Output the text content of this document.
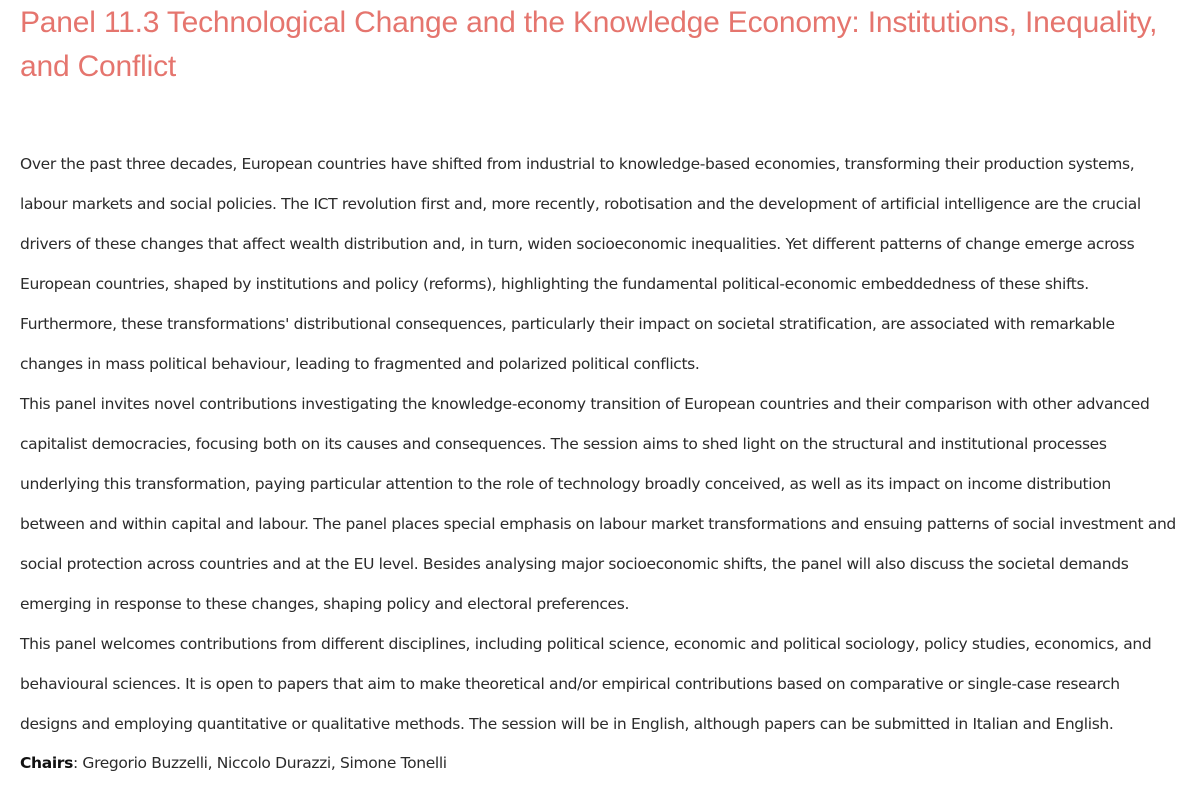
Panel 11.3 Technological Change and the Knowledge Economy: Institutions, Inequality, and Conflict

Over the past three decades, European countries have shifted from industrial to knowledge-based economies, transforming their production systems, labour markets and social policies. The ICT revolution first and, more recently, robotisation and the development of artificial intelligence are the crucial drivers of these changes that affect wealth distribution and, in turn, widen socioeconomic inequalities. Yet different patterns of change emerge across European countries, shaped by institutions and policy (reforms), highlighting the fundamental political-economic embeddedness of these shifts. Furthermore, these transformations' distributional consequences, particularly their impact on societal stratification, are associated with remarkable changes in mass political behaviour, leading to fragmented and polarized political conflicts.

This panel invites novel contributions investigating the knowledge-economy transition of European countries and their comparison with other advanced capitalist democracies, focusing both on its causes and consequences. The session aims to shed light on the structural and institutional processes underlying this transformation, paying particular attention to the role of technology broadly conceived, as well as its impact on income distribution between and within capital and labour. The panel places special emphasis on labour market transformations and ensuing patterns of social investment and social protection across countries and at the EU level. Besides analysing major socioeconomic shifts, the panel will also discuss the societal demands emerging in response to these changes, shaping policy and electoral preferences.

This panel welcomes contributions from different disciplines, including political science, economic and political sociology, policy studies, economics, and behavioural sciences. It is open to papers that aim to make theoretical and/or empirical contributions based on comparative or single-case research designs and employing quantitative or qualitative methods. The session will be in English, although papers can be submitted in Italian and English.

Chairs: Gregorio Buzzelli, Niccolo Durazzi, Simone Tonelli
